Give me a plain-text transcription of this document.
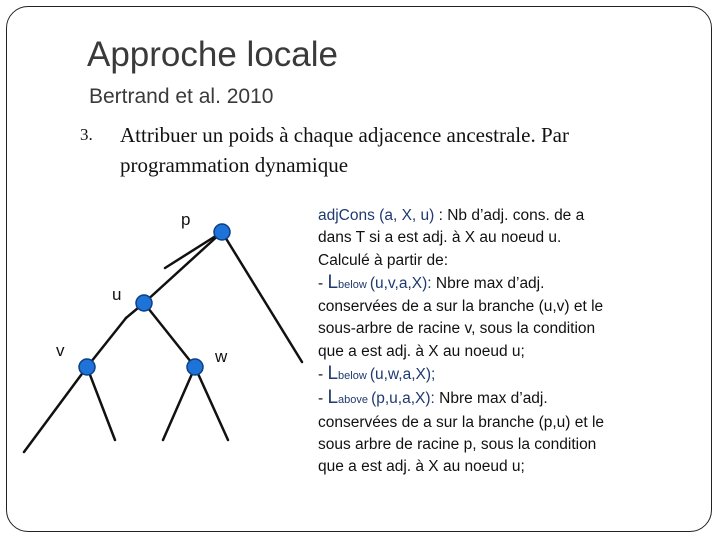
Approche locale
Bertrand et al. 2010
3. Attribuer un poids à chaque adjacence ancestrale. Par
programmation dynamique
p
u
v	w
adjCons (a, X, u) : Nb d’adj. cons. de a
dans T si a est adj. à X au noeud u.
Calculé à partir de:
- Lbelow (u,v,a,X): Nbre max d’adj.
conservées de a sur la branche (u,v) et le
sous-arbre de racine v, sous la condition
que a est adj. à X au noeud u;
- Lbelow (u,w,a,X);
- Labove (p,u,a,X): Nbre max d’adj.
conservées de a sur la branche (p,u) et le
sous arbre de racine p, sous la condition
que a est adj. à X au noeud u;
